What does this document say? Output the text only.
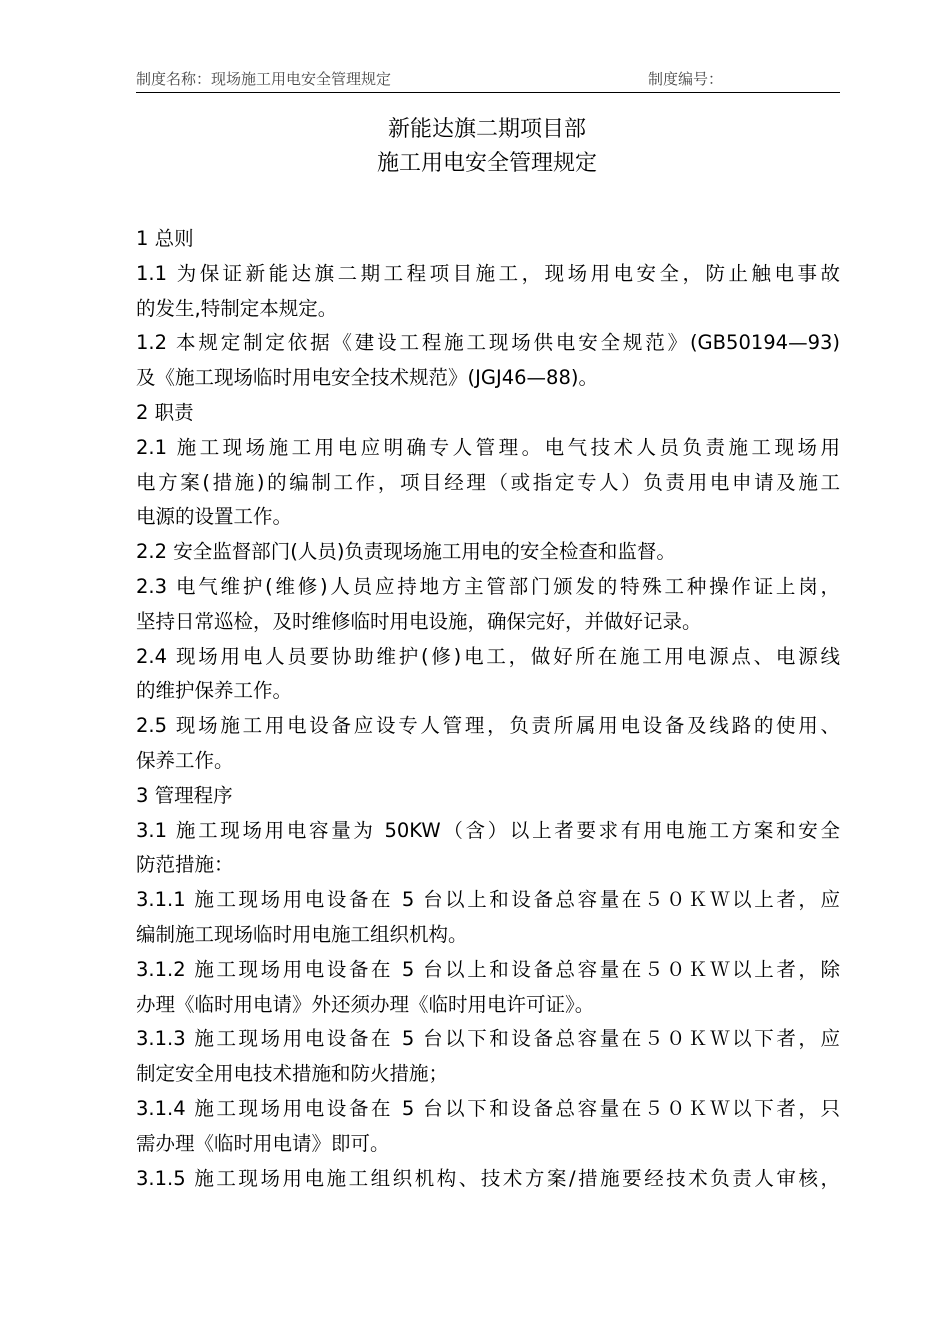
制度名称：现场施工用电安全管理规定	制度编号：
新能达旗二期项目部
施工用电安全管理规定
1 总则
1.1 为保证新能达旗二期工程项目施工，现场用电安全，防止触电事故
的发生,特制定本规定。
1.2 本规定制定依据《建设工程施工现场供电安全规范》(GB50194—93)
及《施工现场临时用电安全技术规范》(JGJ46—88)。
2 职责
2.1 施工现场施工用电应明确专人管理。电气技术人员负责施工现场用
电方案(措施)的编制工作，项目经理（或指定专人）负责用电申请及施工
电源的设置工作。
2.2 安全监督部门(人员)负责现场施工用电的安全检查和监督。
2.3 电气维护(维修)人员应持地方主管部门颁发的特殊工种操作证上岗，
坚持日常巡检，及时维修临时用电设施，确保完好，并做好记录。
2.4 现场用电人员要协助维护(修)电工，做好所在施工用电源点、电源线
的维护保养工作。
2.5 现场施工用电设备应设专人管理，负责所属用电设备及线路的使用、
保养工作。
3 管理程序
3.1 施工现场用电容量为 50KW（含）以上者要求有用电施工方案和安全
防范措施：
3.1.1 施工现场用电设备在 5 台以上和设备总容量在５０ＫＷ以上者，应
编制施工现场临时用电施工组织机构。
3.1.2 施工现场用电设备在 5 台以上和设备总容量在５０ＫＷ以上者，除
办理《临时用电请》外还须办理《临时用电许可证》。
3.1.3 施工现场用电设备在 5 台以下和设备总容量在５０ＫＷ以下者，应
制定安全用电技术措施和防火措施；
3.1.4 施工现场用电设备在 5 台以下和设备总容量在５０ＫＷ以下者，只
需办理《临时用电请》即可。
3.1.5 施工现场用电施工组织机构、技术方案/措施要经技术负责人审核，
